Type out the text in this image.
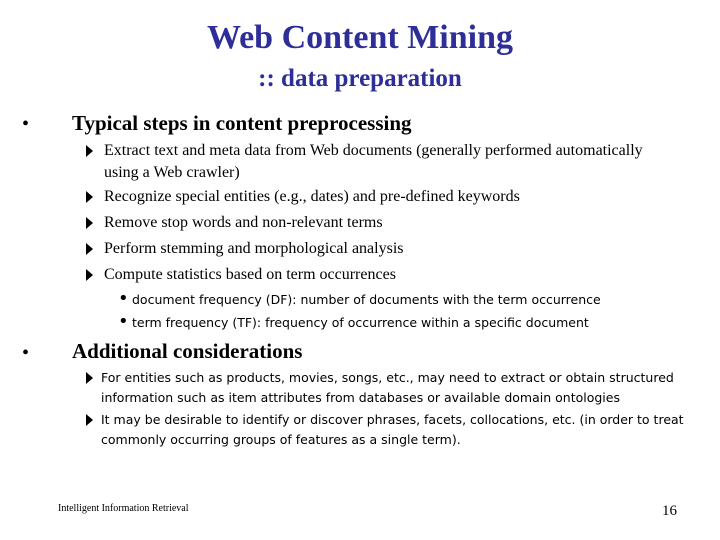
Web Content Mining
:: data preparation
• Typical steps in content preprocessing
Extract text and meta data from Web documents (generally performed automatically using a Web crawler)
Recognize special entities (e.g., dates) and pre-defined keywords
Remove stop words and non-relevant terms
Perform stemming and morphological analysis
Compute statistics based on term occurrences
• document frequency (DF): number of documents with the term occurrence
• term frequency (TF): frequency of occurrence within a specific document
• Additional considerations
For entities such as products, movies, songs, etc., may need to extract or obtain structured information such as item attributes from databases or available domain ontologies
It may be desirable to identify or discover phrases, facets, collocations, etc. (in order to treat commonly occurring groups of features as a single term).
Intelligent Information Retrieval	16
